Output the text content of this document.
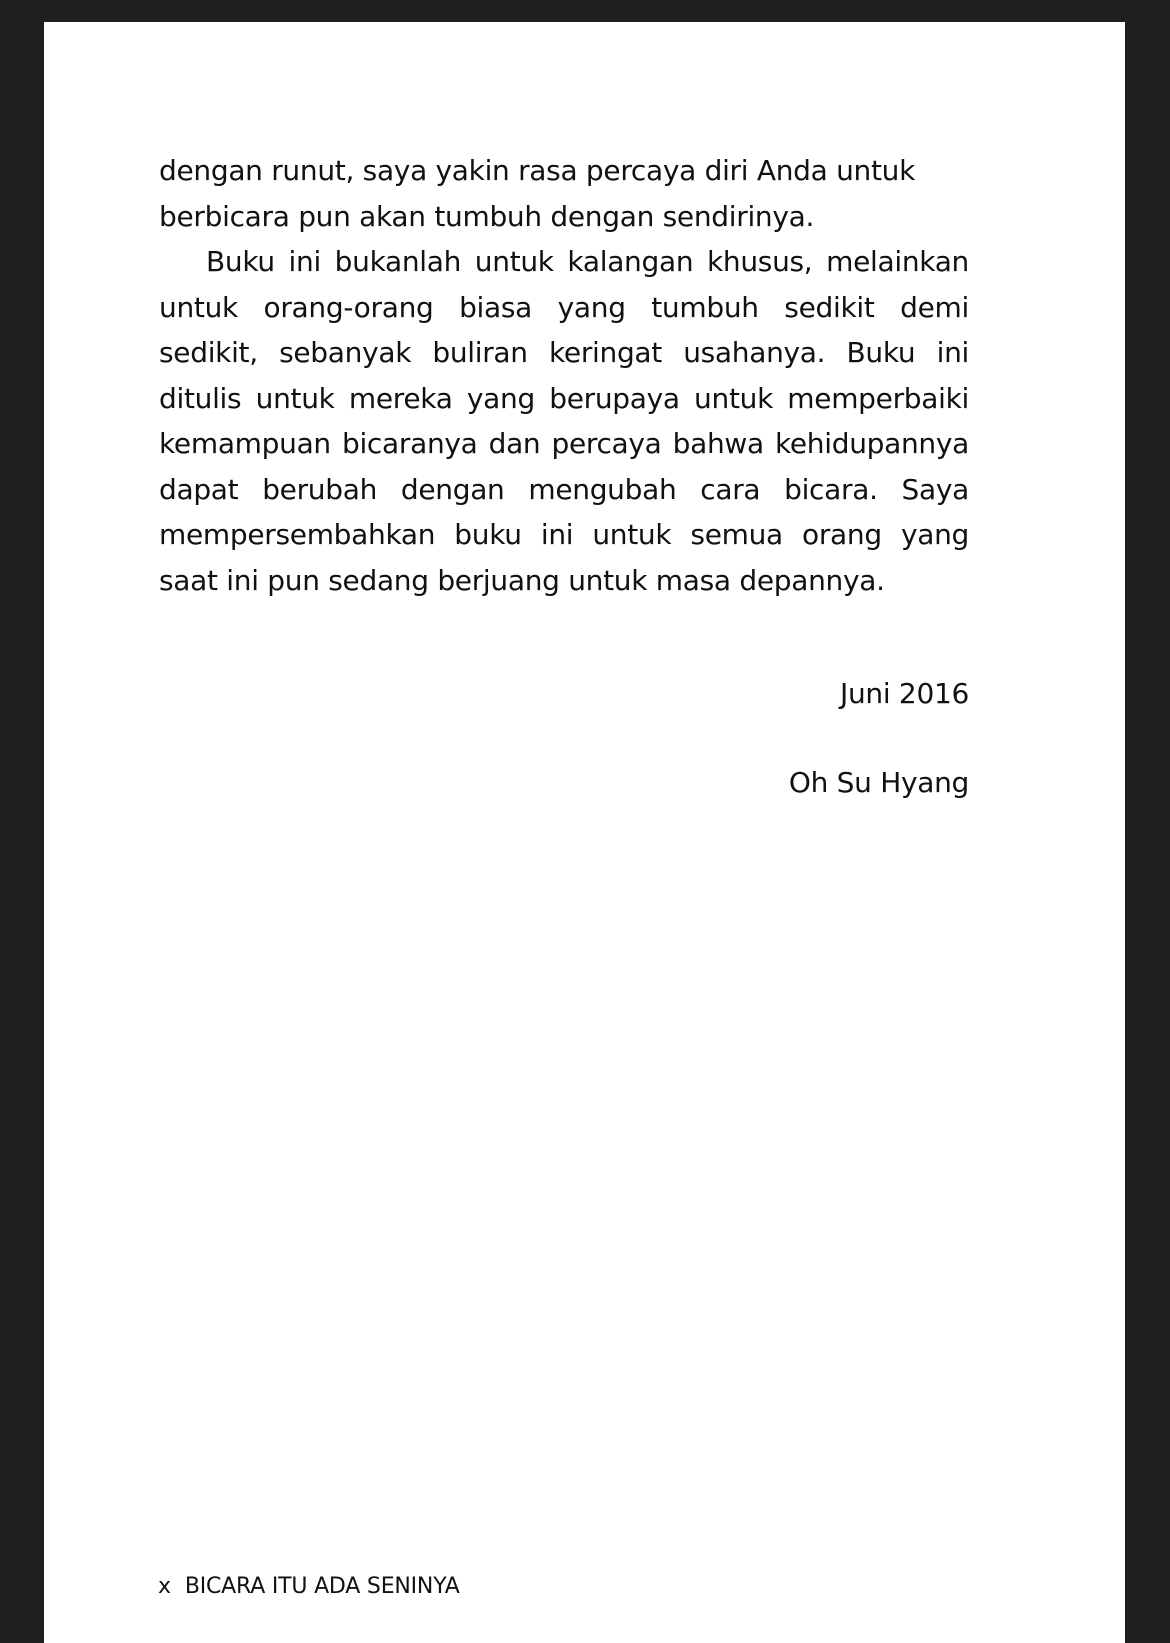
dengan runut, saya yakin rasa percaya diri Anda untuk berbicara pun akan tumbuh dengan sendirinya.

Buku ini bukanlah untuk kalangan khusus, melainkan untuk orang-orang biasa yang tumbuh sedikit demi sedikit, sebanyak buliran keringat usahanya. Buku ini ditulis untuk mereka yang berupaya untuk memperbaiki kemampuan bicaranya dan percaya bahwa kehidupannya dapat berubah dengan mengubah cara bicara. Saya mempersembahkan buku ini untuk semua orang yang saat ini pun sedang berjuang untuk masa depannya.

Juni 2016
Oh Su Hyang
x BICARA ITU ADA SENINYA
